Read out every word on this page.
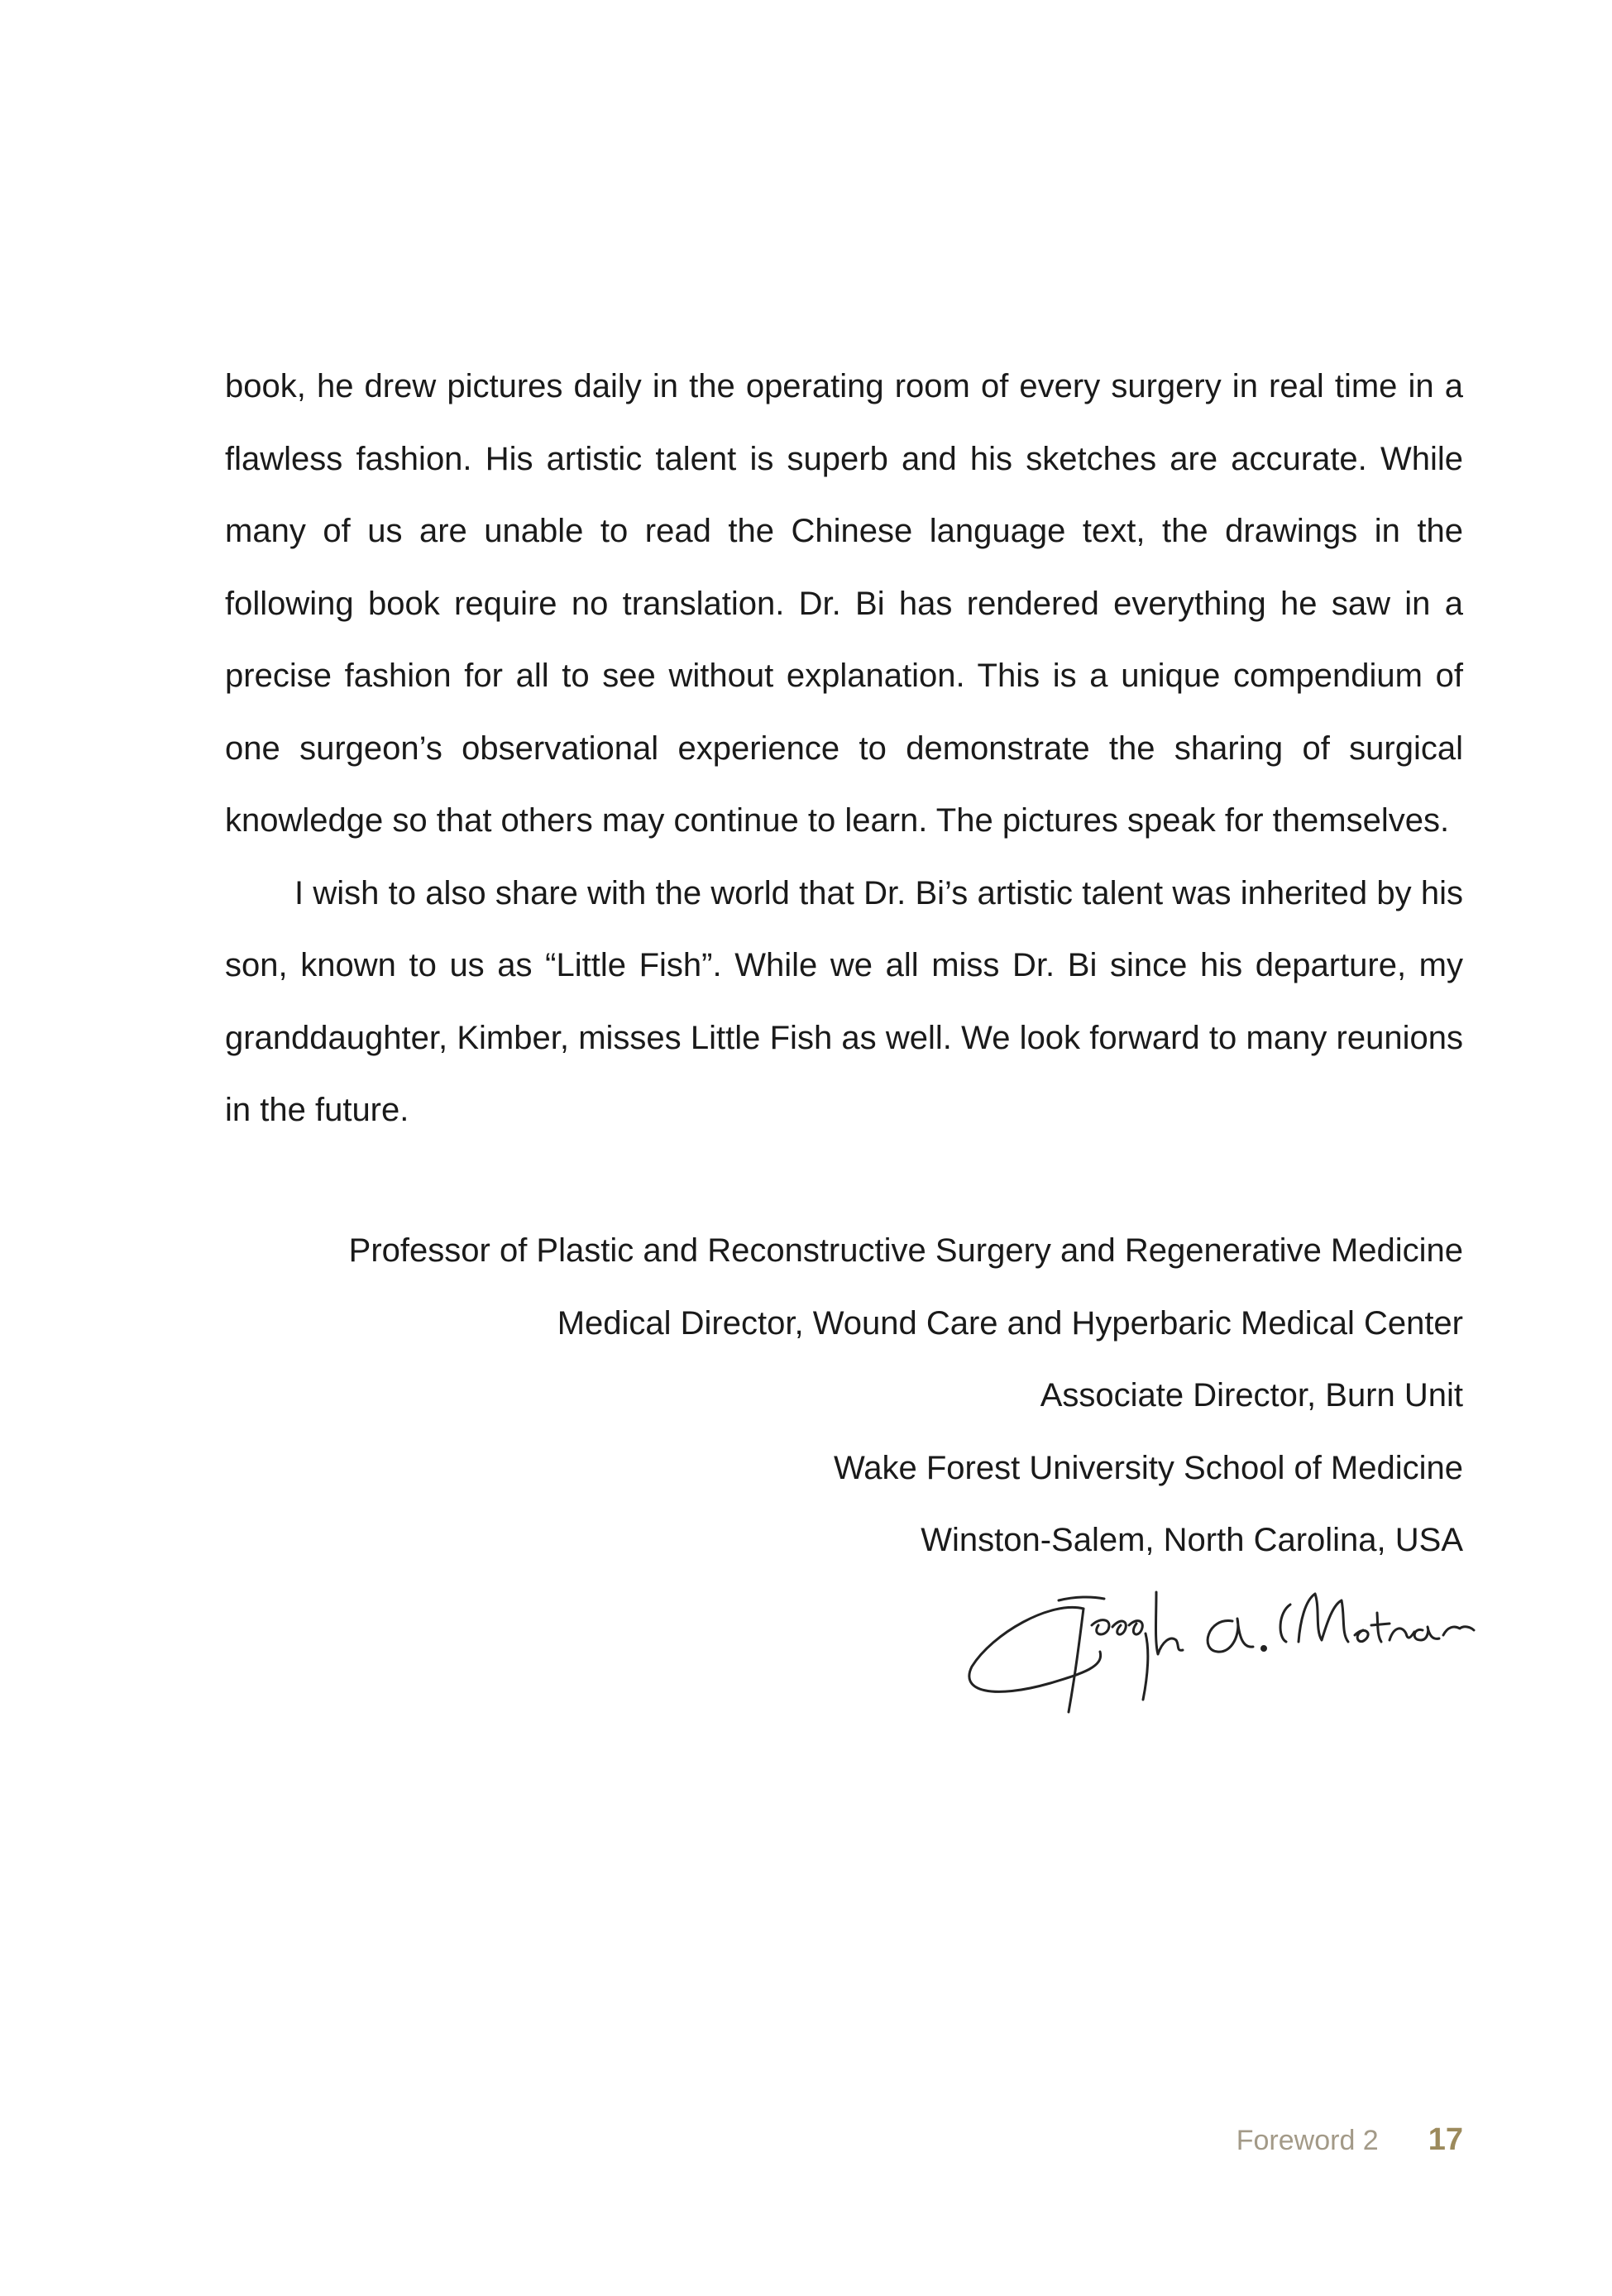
book, he drew pictures daily in the operating room of every surgery in real time in a flawless fashion. His artistic talent is superb and his sketches are accurate. While many of us are unable to read the Chinese language text, the drawings in the following book require no translation. Dr. Bi has rendered everything he saw in a precise fashion for all to see without explanation. This is a unique compendium of one surgeon’s observational experience to demonstrate the sharing of surgical knowledge so that others may continue to learn. The pictures speak for themselves.

I wish to also share with the world that Dr. Bi’s artistic talent was inherited by his son, known to us as “Little Fish”. While we all miss Dr. Bi since his departure, my granddaughter, Kimber, misses Little Fish as well. We look forward to many reunions in the future.

Professor of Plastic and Reconstructive Surgery and Regenerative Medicine
Medical Director, Wound Care and Hyperbaric Medical Center
Associate Director, Burn Unit
Wake Forest University School of Medicine
Winston-Salem, North Carolina, USA
Foreword 2 17
